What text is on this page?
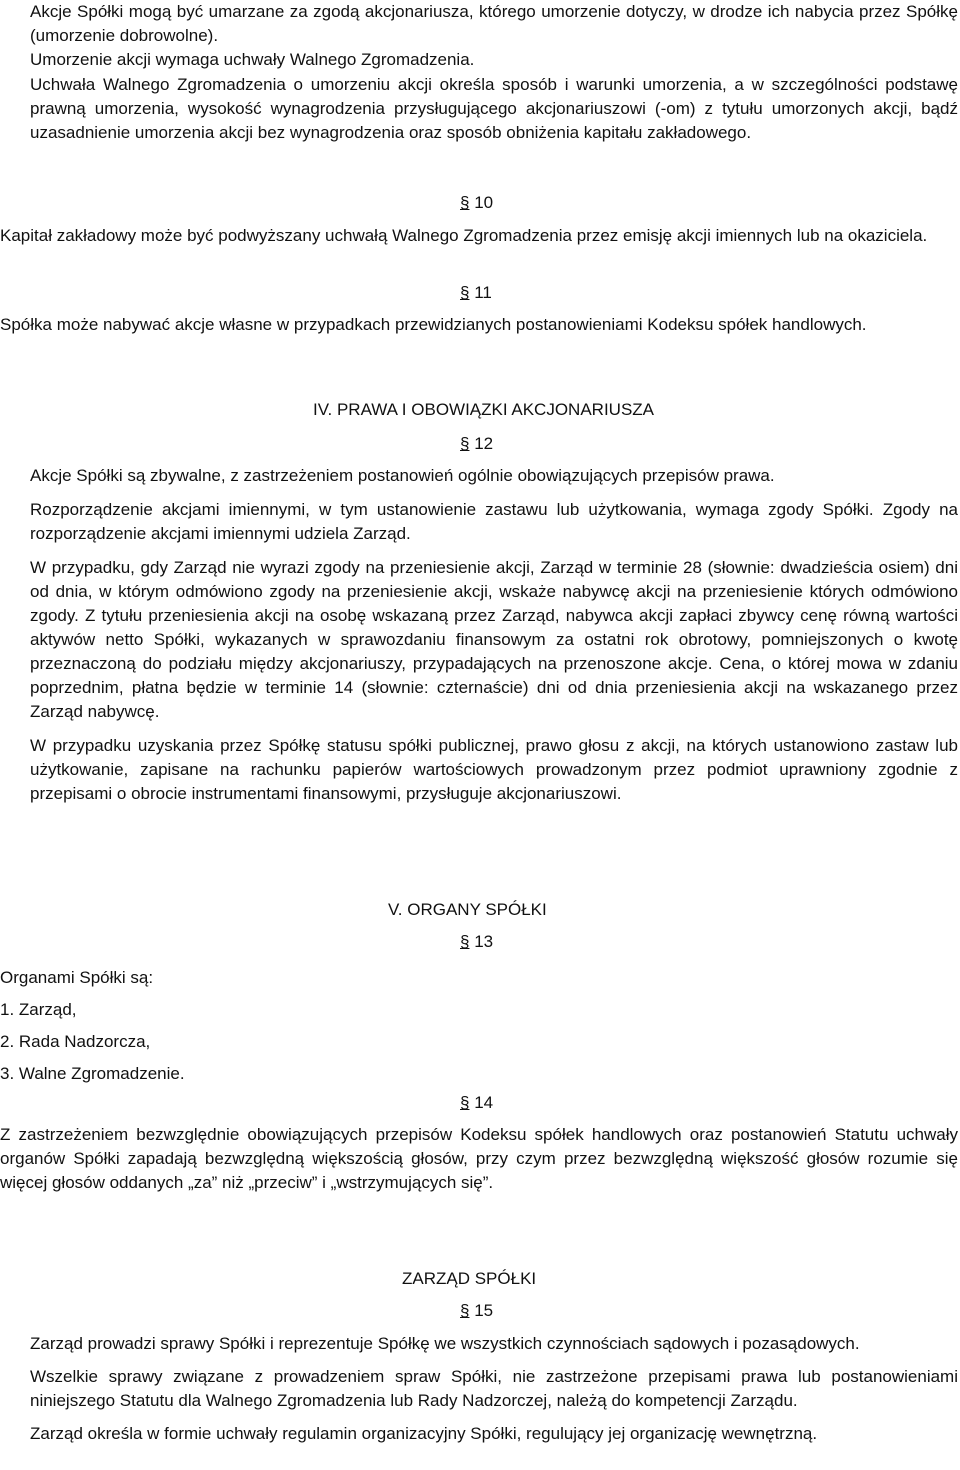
Akcje Spółki mogą być umarzane za zgodą akcjonariusza, którego umorzenie dotyczy, w drodze ich nabycia przez Spółkę (umorzenie dobrowolne).

Umorzenie akcji wymaga uchwały Walnego Zgromadzenia.

Uchwała Walnego Zgromadzenia o umorzeniu akcji określa sposób i warunki umorzenia, a w szczególności podstawę prawną umorzenia, wysokość wynagrodzenia przysługującego akcjonariuszowi (-om) z tytułu umorzonych akcji, bądź uzasadnienie umorzenia akcji bez wynagrodzenia oraz sposób obniżenia kapitału zakładowego.

§ 10

Kapitał zakładowy może być podwyższany uchwałą Walnego Zgromadzenia przez emisję akcji imiennych lub na okaziciela.

§ 11

Spółka może nabywać akcje własne w przypadkach przewidzianych postanowieniami Kodeksu spółek handlowych.

IV. PRAWA I OBOWIĄZKI AKCJONARIUSZA
§ 12

Akcje Spółki są zbywalne, z zastrzeżeniem postanowień ogólnie obowiązujących przepisów prawa.

Rozporządzenie akcjami imiennymi, w tym ustanowienie zastawu lub użytkowania, wymaga zgody Spółki. Zgody na rozporządzenie akcjami imiennymi udziela Zarząd.

W przypadku, gdy Zarząd nie wyrazi zgody na przeniesienie akcji, Zarząd w terminie 28 (słownie: dwadzieścia osiem) dni od dnia, w którym odmówiono zgody na przeniesienie akcji, wskaże nabywcę akcji na przeniesienie których odmówiono zgody. Z tytułu przeniesienia akcji na osobę wskazaną przez Zarząd, nabywca akcji zapłaci zbywcy cenę równą wartości aktywów netto Spółki, wykazanych w sprawozdaniu finansowym za ostatni rok obrotowy, pomniejszonych o kwotę przeznaczoną do podziału między akcjonariuszy, przypadających na przenoszone akcje. Cena, o której mowa w zdaniu poprzednim, płatna będzie w terminie 14 (słownie: czternaście) dni od dnia przeniesienia akcji na wskazanego przez Zarząd nabywcę.

W przypadku uzyskania przez Spółkę statusu spółki publicznej, prawo głosu z akcji, na których ustanowiono zastaw lub użytkowanie, zapisane na rachunku papierów wartościowych prowadzonym przez podmiot uprawniony zgodnie z przepisami o obrocie instrumentami finansowymi, przysługuje akcjonariuszowi.

V. ORGANY SPÓŁKI
§ 13

Organami Spółki są:

1. Zarząd,

2. Rada Nadzorcza,

3. Walne Zgromadzenie.

§ 14

Z zastrzeżeniem bezwzględnie obowiązujących przepisów Kodeksu spółek handlowych oraz postanowień Statutu uchwały organów Spółki zapadają bezwzględną większością głosów, przy czym przez bezwzględną większość głosów rozumie się więcej głosów oddanych „za” niż „przeciw” i „wstrzymujących się”.

ZARZĄD SPÓŁKI
§ 15

Zarząd prowadzi sprawy Spółki i reprezentuje Spółkę we wszystkich czynnościach sądowych i pozasądowych.

Wszelkie sprawy związane z prowadzeniem spraw Spółki, nie zastrzeżone przepisami prawa lub postanowieniami niniejszego Statutu dla Walnego Zgromadzenia lub Rady Nadzorczej, należą do kompetencji Zarządu.

Zarząd określa w formie uchwały regulamin organizacyjny Spółki, regulujący jej organizację wewnętrzną.
